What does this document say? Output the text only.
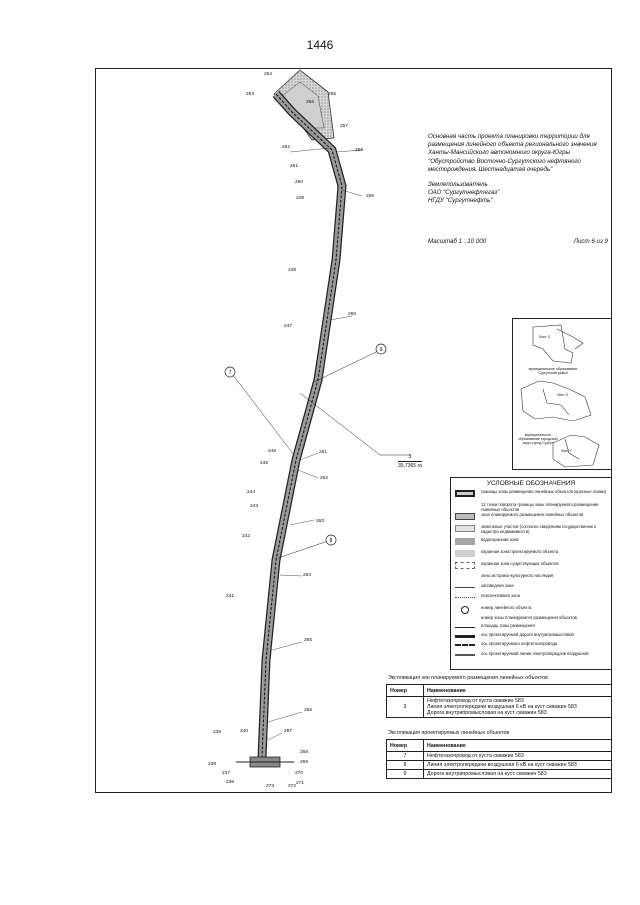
1446
7
9
8
254
253	255
256
257
252
258
251
250
259
249
248
260
247
246	261
245
262
244
243
263
242
264
241
265
266
239	240	267
268
269
238
237	270
236	271
273	272
3
35,7365 га
Основная часть проекта планировки территории для размещения линейного объекта регионального значения Ханты-Мансийского автономного округа-Югры "Обустройство Восточно-Сургутского нефтяного месторождения. Шестнадцатая очередь"
Землепользователь
ОАО "Сургутнефтегаз"
НГДУ "Сургутнефть"
Масштаб 1 : 10 000	Лист 6 из 9
Лист 3
Лист 5
Лист 7
муниципальное образование Сургутский район
муниципальное образование городской округ город Сургут
УСЛОВНЫЕ ОБОЗНАЧЕНИЯ
границы зоны размещения линейных объектов (красные линии)
12 точки поворота границы зоны планируемого размещения линейных объектов
зона планируемого размещения линейных объектов
земельные участки (согласно сведениям государственного кадастра недвижимости)
водоохранная зона
охранная зона проектируемого объекта
охранная зона существующих объектов
зоны историко-культурного наследия
заповедная зона
перспективная зона
номер линейного объекта
номер зоны планируемого размещения объектов
площадь зоны размещения
ось проектируемой дороги внутрипромысловой
ось проектируемого нефтегазопровода
ось проектируемой линии электропередачи воздушной
Экспликация зон планируемого размещения линейных объектов
Номер	Наименование
3	Нефтегазопровод от куста скважин 583
Линия электропередачи воздушная 6 кВ на куст скважин 583
Дорога внутрипромысловая на куст скважин 583
Экспликация проектируемых линейных объектов
Номер	Наименование
7	Нефтегазопровод от куста скважин 583
8	Линия электропередачи воздушная 6 кВ на куст скважин 583
9	Дорога внутрипромысловая на куст скважин 583
